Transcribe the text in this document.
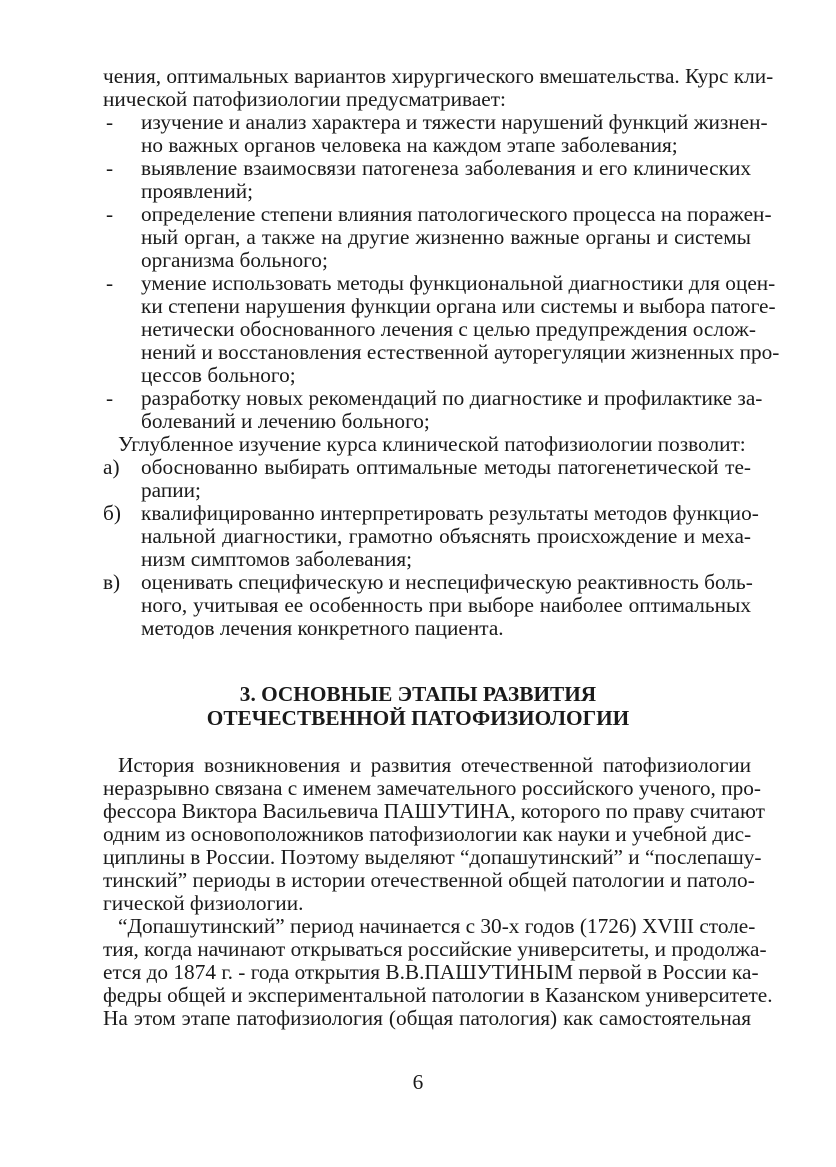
чения, оптимальных вариантов хирургического вмешательства. Курс кли-

нической патофизиологии предусматривает:

- изучение и анализ характера и тяжести нарушений функций жизнен-

но важных органов человека на каждом этапе заболевания;

- выявление взаимосвязи патогенеза заболевания и его клинических

проявлений;

- определение степени влияния патологического процесса на поражен-

ный орган, а также на другие жизненно важные органы и системы

организма больного;

- умение использовать методы функциональной диагностики для оцен-

ки степени нарушения функции органа или системы и выбора патоге-

нетически обоснованного лечения с целью предупреждения ослож-

нений и восстановления естественной ауторегуляции жизненных про-

цессов больного;

- разработку новых рекомендаций по диагностике и профилактике за-

болеваний и лечению больного;

Углубленное изучение курса клинической патофизиологии позволит:

а) обоснованно выбирать оптимальные методы патогенетической те-

рапии;

б) квалифицированно интерпретировать результаты методов функцио-

нальной диагностики, грамотно объяснять происхождение и меха-

низм симптомов заболевания;

в) оценивать специфическую и неспецифическую реактивность боль-

ного, учитывая ее особенность при выборе наиболее оптимальных

методов лечения конкретного пациента.

3. ОСНОВНЫЕ ЭТАПЫ РАЗВИТИЯ

ОТЕЧЕСТВЕННОЙ ПАТОФИЗИОЛОГИИ

История возникновения и развития отечественной патофизиологии

неразрывно связана с именем замечательного российского ученого, про-

фессора Виктора Васильевича ПАШУТИНА, которого по праву считают

одним из основоположников патофизиологии как науки и учебной дис-

циплины в России. Поэтому выделяют “допашутинский” и “послепашу-

тинский” периоды в истории отечественной общей патологии и патоло-

гической физиологии.

“Допашутинский” период начинается с 30-х годов (1726) XVIII столе-

тия, когда начинают открываться российские университеты, и продолжа-

ется до 1874 г. - года открытия В.В.ПАШУТИНЫМ первой в России ка-

федры общей и экспериментальной патологии в Казанском университете.

На этом этапе патофизиология (общая патология) как самостоятельная

6
